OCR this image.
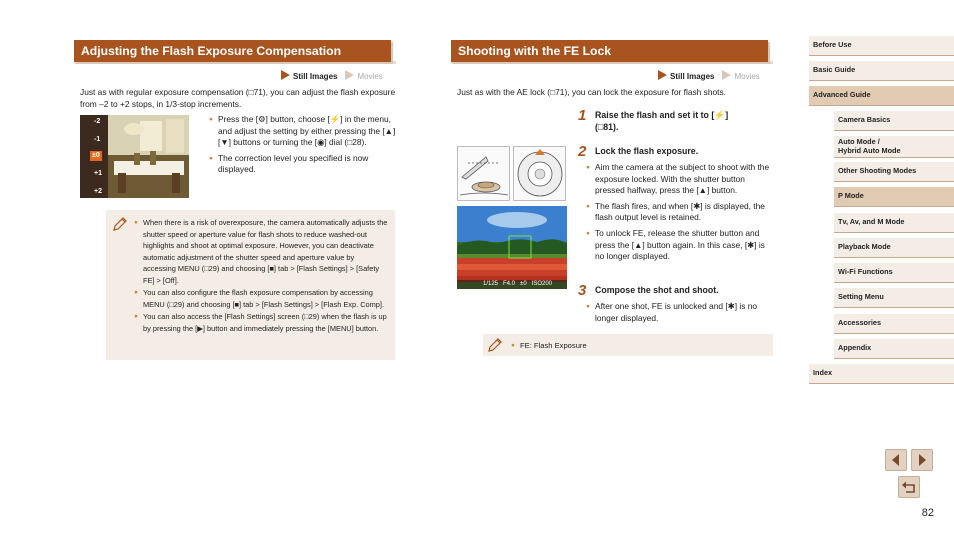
Adjusting the Flash Exposure Compensation
Still Images	Movies
Just as with regular exposure compensation (□71), you can adjust the flash exposure from –2 to +2 stops, in 1/3-stop increments.
-2
-1
±0
+1
+2
● Press the [⚙] button, choose [⚡] in the menu, and adjust the setting by either pressing the [▲][▼] buttons or turning the [◉] dial (□28).
● The correction level you specified is now displayed.
● When there is a risk of overexposure, the camera automatically adjusts the shutter speed or aperture value for flash shots to reduce washed-out highlights and shoot at optimal exposure. However, you can deactivate automatic adjustment of the shutter speed and aperture value by accessing MENU (□29) and choosing [■] tab > [Flash Settings] > [Safety FE] > [Off].
● You can also configure the flash exposure compensation by accessing MENU (□29) and choosing [■] tab > [Flash Settings] > [Flash Exp. Comp].
● You can also access the [Flash Settings] screen (□29) when the flash is up by pressing the [▶] button and immediately pressing the [MENU] button.
Shooting with the FE Lock
Still Images	Movies
Just as with the AE lock (□71), you can lock the exposure for flash shots.
1/125   F4.0   ±0   ISO200
1 Raise the flash and set it to [⚡]
(□81).
2 Lock the flash exposure.
● Aim the camera at the subject to shoot with the exposure locked. With the shutter button pressed halfway, press the [▲] button.
● The flash fires, and when [✱] is displayed, the flash output level is retained.
● To unlock FE, release the shutter button and press the [▲] button again. In this case, [✱] is no longer displayed.
3 Compose the shot and shoot.
● After one shot, FE is unlocked and [✱] is no longer displayed.
● FE: Flash Exposure
Before Use
Basic Guide
Advanced Guide
Camera Basics
Auto Mode /
Hybrid Auto Mode
Other Shooting Modes
P Mode
Tv, Av, and M Mode
Playback Mode
Wi-Fi Functions
Setting Menu
Accessories
Appendix
Index
82
